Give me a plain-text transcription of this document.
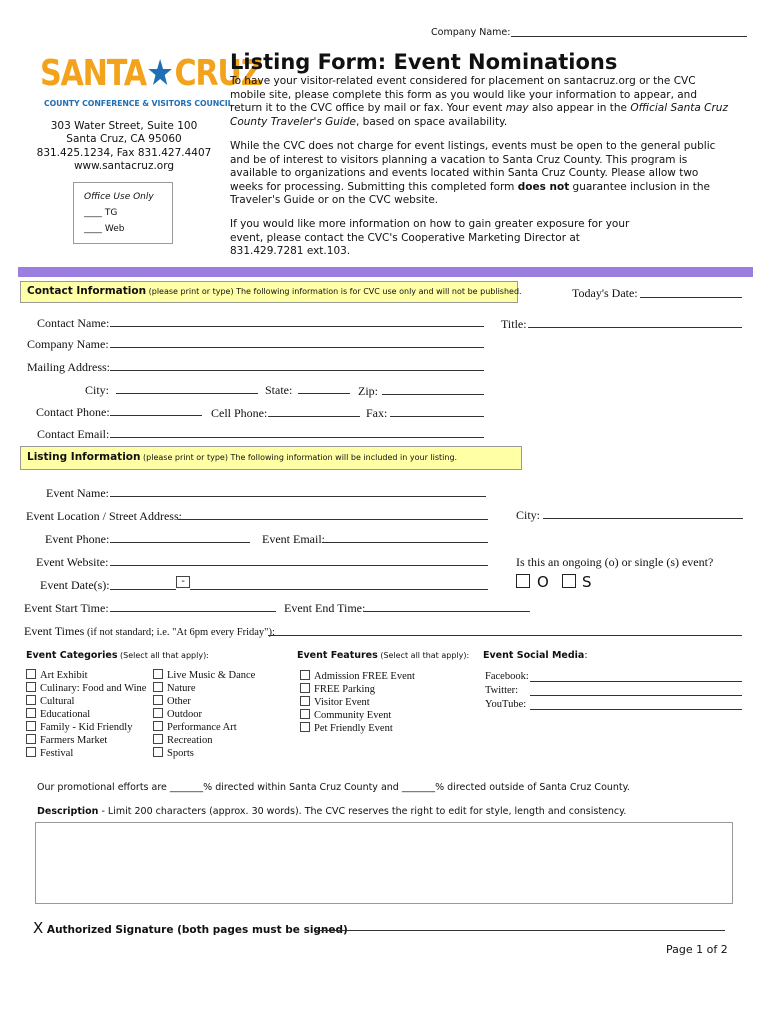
Company Name:
SANTA CRUZ
COUNTY CONFERENCE & VISITORS COUNCIL
303 Water Street, Suite 100
Santa Cruz, CA 95060
831.425.1234, Fax 831.427.4407
www.santacruz.org
Office Use Only
____ TG
____ Web
Listing Form: Event Nominations
To have your visitor-related event considered for placement on santacruz.org or the CVC mobile site, please complete this form as you would like your information to appear, and return it to the CVC office by mail or fax. Your event may also appear in the Official Santa Cruz County Traveler's Guide, based on space availability.
While the CVC does not charge for event listings, events must be open to the general public and be of interest to visitors planning a vacation to Santa Cruz County. This program is available to organizations and events located within Santa Cruz County. Please allow two weeks for processing. Submitting this completed form does not guarantee inclusion in the Traveler's Guide or on the CVC website.
If you would like more information on how to gain greater exposure for your event, please contact the CVC's Cooperative Marketing Director at 831.429.7281 ext.103.
Contact Information (please print or type) The following information is for CVC use only and will not be published.	Today's Date:
Contact Name:	Title:
Company Name:
Mailing Address:
City:	State:	Zip:
Contact Phone:	Cell Phone:	Fax:
Contact Email:
Listing Information (please print or type) The following information will be included in your listing.
Event Name:
Event Location / Street Address:	City:
Event Phone:	Event Email:
Event Website:	Is this an ongoing (o) or single (s) event?
Event Date(s):	-	O S
Event Start Time:	Event End Time:
Event Times (if not standard; i.e. "At 6pm every Friday"):
Event Categories (Select all that apply):
Art Exhibit
Culinary: Food and Wine
Cultural
Educational
Family - Kid Friendly
Farmers Market
Festival
Live Music & Dance
Nature
Other
Outdoor
Performance Art
Recreation
Sports
Event Features (Select all that apply):
Admission FREE Event
FREE Parking
Visitor Event
Community Event
Pet Friendly Event
Event Social Media:
Facebook:
Twitter:
YouTube:
Our promotional efforts are _______% directed within Santa Cruz County and _______% directed outside of Santa Cruz County.
Description - Limit 200 characters (approx. 30 words). The CVC reserves the right to edit for style, length and consistency.
X Authorized Signature (both pages must be signed)
Page 1 of 2
